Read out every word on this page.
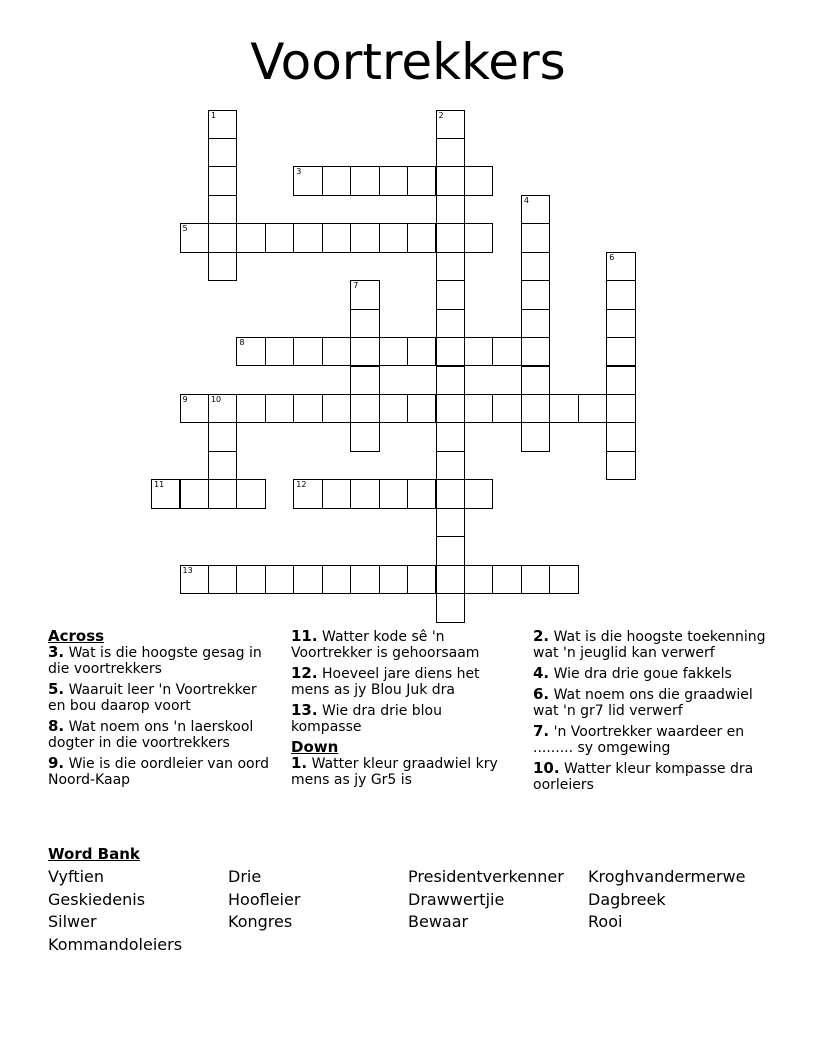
Voortrekkers
1	2
3
4
5
6
7
8
9	10
11	12
13
Across
3. Wat is die hoogste gesag in die voortrekkers
5. Waaruit leer 'n Voortrekker en bou daarop voort
8. Wat noem ons 'n laerskool dogter in die voortrekkers
9. Wie is die oordleier van oord Noord-Kaap
11. Watter kode sê 'n Voortrekker is gehoorsaam
12. Hoeveel jare diens het mens as jy Blou Juk dra
13. Wie dra drie blou kompasse
Down
1. Watter kleur graadwiel kry mens as jy Gr5 is
2. Wat is die hoogste toekenning wat 'n jeuglid kan verwerf
4. Wie dra drie goue fakkels
6. Wat noem ons die graadwiel wat 'n gr7 lid verwerf
7. 'n Voortrekker waardeer en ......... sy omgewing
10. Watter kleur kompasse dra oorleiers
Word Bank
Vyftien	Drie	Presidentverkenner Kroghvandermerwe
Geskiedenis	Hoofleier	Drawwertjie	Dagbreek
Silwer	Kongres	Bewaar	Rooi
Kommandoleiers
